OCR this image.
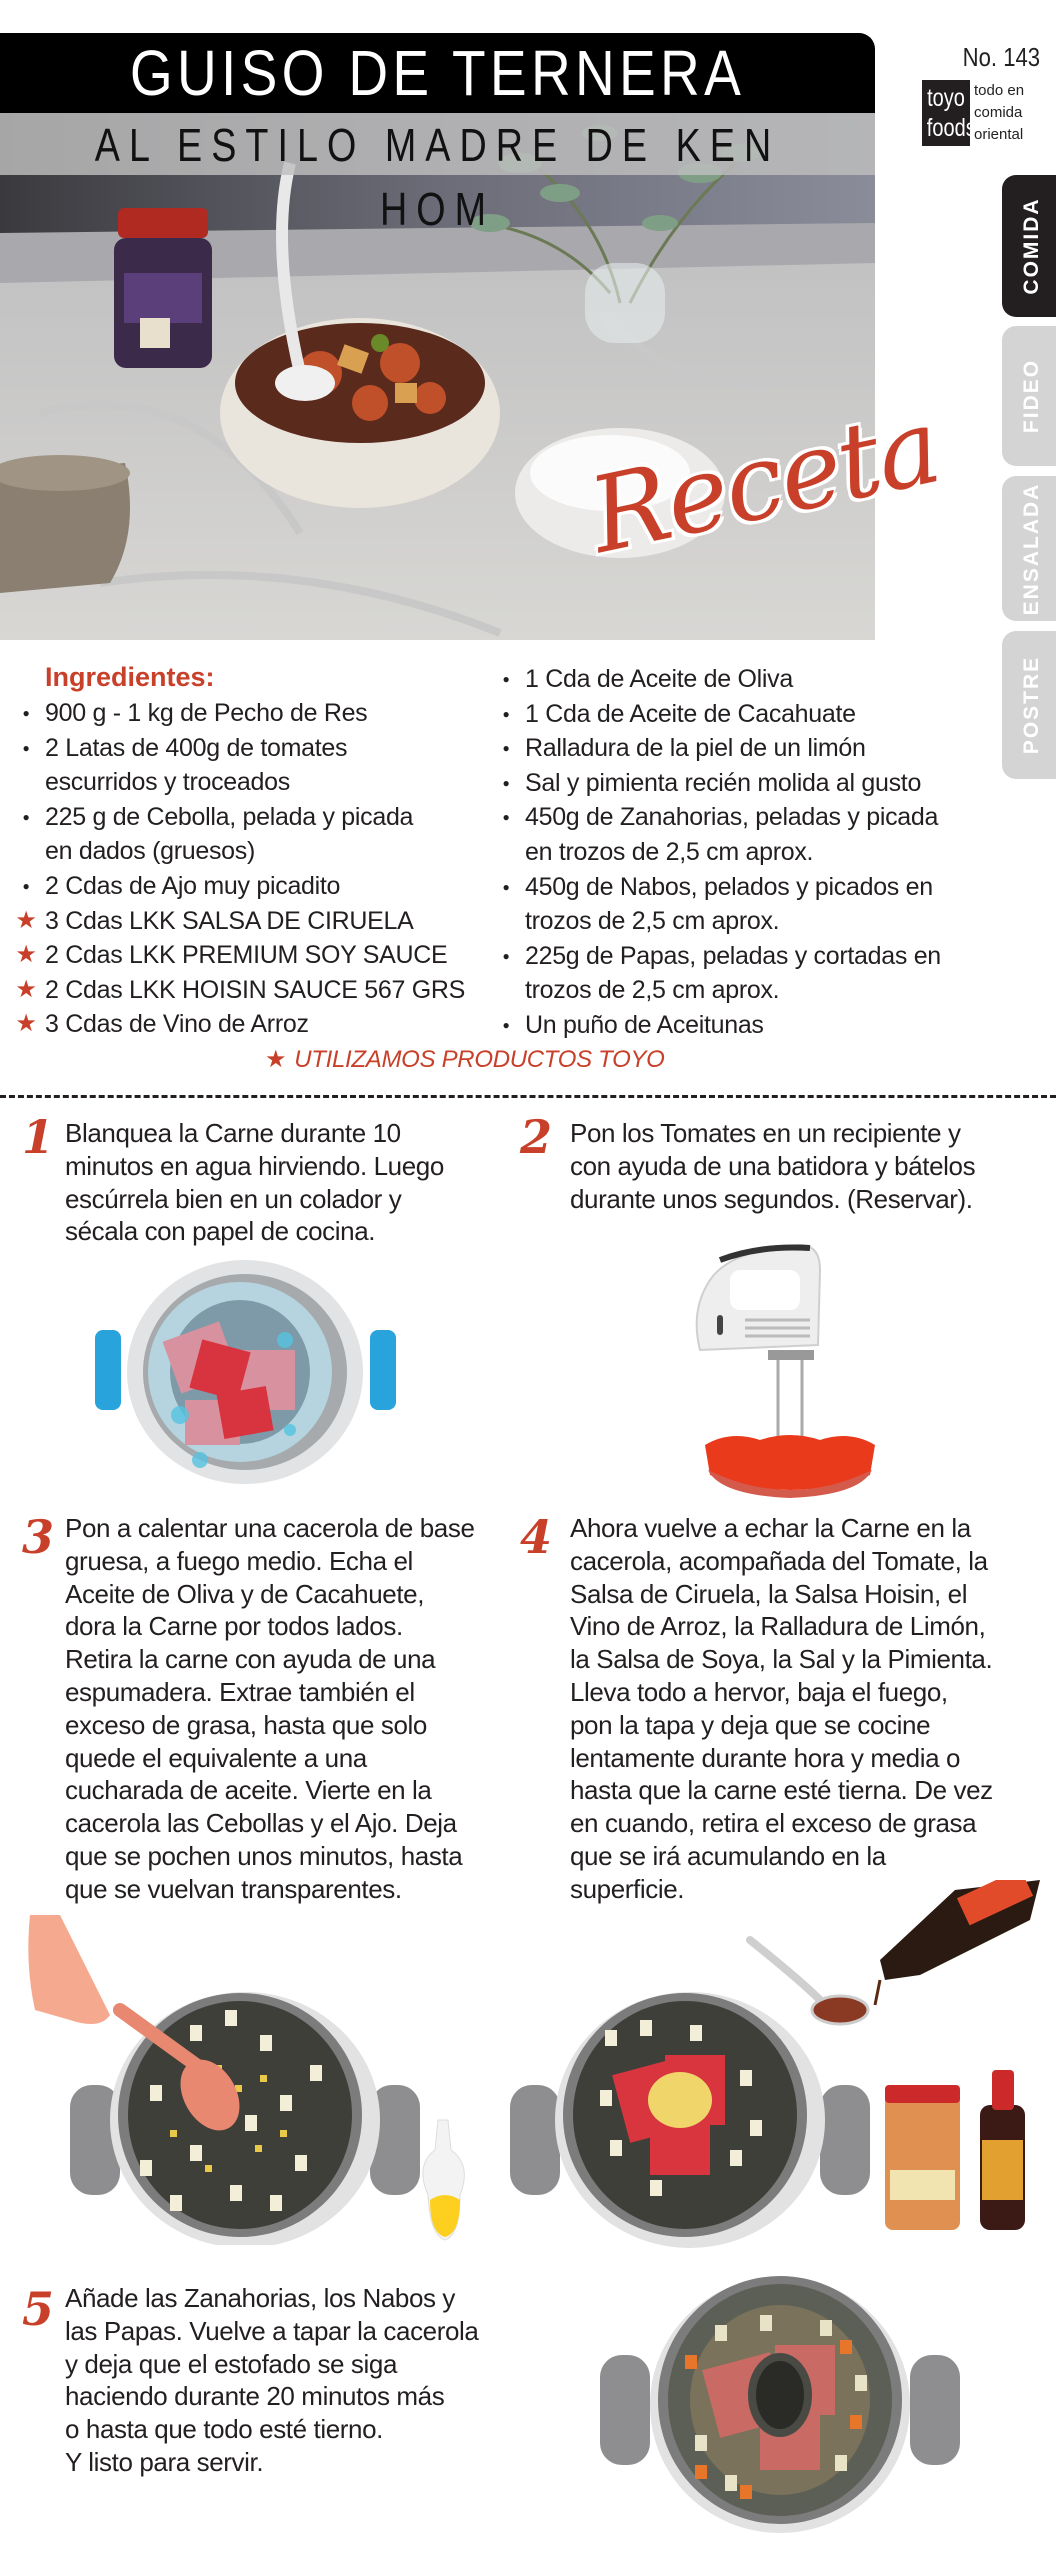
GUISO DE TERNERA
AL ESTILO MADRE DE KEN HOM
No. 143
toyo
foods
todo en
comida
oriental
COMIDA
FIDEO
ENSALADA
POSTRE
Receta
Ingredientes:
● 900 g - 1 kg de Pecho de Res
● 2 Latas de 400g de tomates
escurridos y troceados
● 225 g de Cebolla, pelada y picada
en dados (gruesos)
● 2 Cdas de Ajo muy picadito
★ 3 Cdas LKK SALSA DE CIRUELA
★ 2 Cdas LKK PREMIUM SOY SAUCE
★ 2 Cdas LKK HOISIN SAUCE 567 GRS
★ 3 Cdas de Vino de Arroz
● 1 Cda de Aceite de Oliva
● 1 Cda de Aceite de Cacahuate
● Ralladura de la piel de un limón
● Sal y pimienta recién molida al gusto
● 450g de Zanahorias, peladas y picada
en trozos de 2,5 cm aprox.
● 450g de Nabos, pelados y picados en
trozos de 2,5 cm aprox.
● 225g de Papas, peladas y cortadas en
trozos de 2,5 cm aprox.
● Un puño de Aceitunas
★ UTILIZAMOS PRODUCTOS TOYO
1 Blanquea la Carne durante 10
minutos en agua hirviendo. Luego
escúrrela bien en un colador y
sécala con papel de cocina.
2 Pon los Tomates en un recipiente y
con ayuda de una batidora y bátelos
durante unos segundos. (Reservar).
3 Pon a calentar una cacerola de base
gruesa, a fuego medio. Echa el
Aceite de Oliva y de Cacahuete,
dora la Carne por todos lados.
Retira la carne con ayuda de una
espumadera. Extrae también el
exceso de grasa, hasta que solo
quede el equivalente a una
cucharada de aceite. Vierte en la
cacerola las Cebollas y el Ajo. Deja
que se pochen unos minutos, hasta
que se vuelvan transparentes.
4 Ahora vuelve a echar la Carne en la
cacerola, acompañada del Tomate, la
Salsa de Ciruela, la Salsa Hoisin, el
Vino de Arroz, la Ralladura de Limón,
la Salsa de Soya, la Sal y la Pimienta.
Lleva todo a hervor, baja el fuego,
pon la tapa y deja que se cocine
lentamente durante hora y media o
hasta que la carne esté tierna. De vez
en cuando, retira el exceso de grasa
que se irá acumulando en la
superficie.
5 Añade las Zanahorias, los Nabos y
las Papas. Vuelve a tapar la cacerola
y deja que el estofado se siga
haciendo durante 20 minutos más
o hasta que todo esté tierno.
Y listo para servir.
